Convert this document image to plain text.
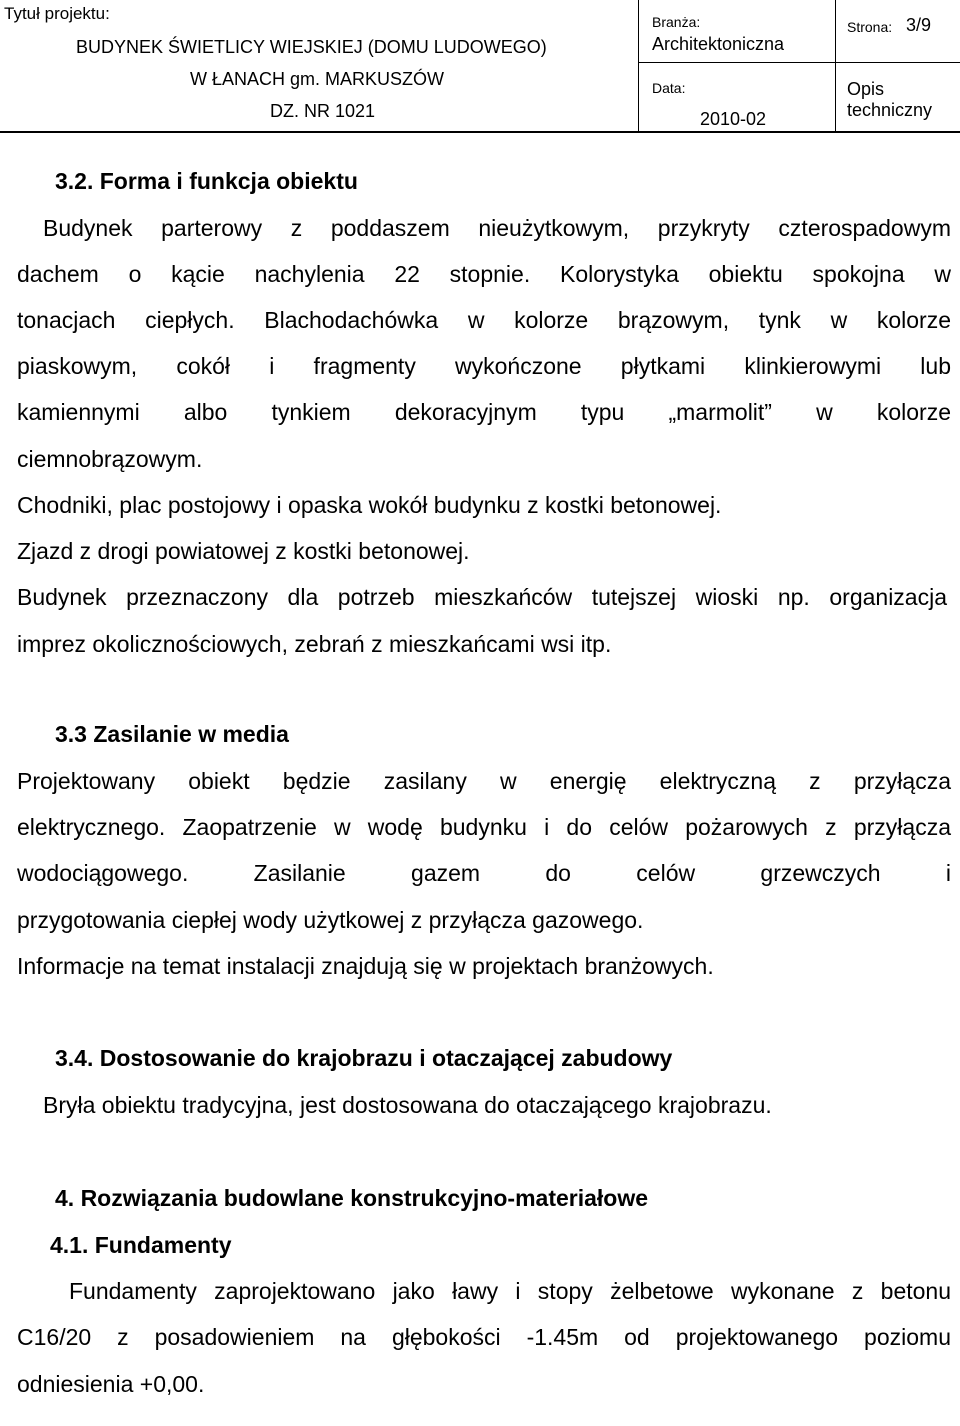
Tytuł projektu:
BUDYNEK ŚWIETLICY WIEJSKIEJ (DOMU LUDOWEGO)
W ŁANACH gm. MARKUSZÓW
DZ. NR 1021
Branża:
Architektoniczna
Data:
2010-02
Strona: 3/9
Opis
techniczny
3.2. Forma i funkcja obiektu
Budynek parterowy z poddaszem nieużytkowym, przykryty czterospadowym
dachem o kącie nachylenia 22 stopnie. Kolorystyka obiektu spokojna w
tonacjach ciepłych. Blachodachówka w kolorze brązowym, tynk w kolorze
piaskowym, cokół i fragmenty wykończone płytkami klinkierowymi lub
kamiennymi albo tynkiem dekoracyjnym typu „marmolit” w kolorze
ciemnobrązowym.
Chodniki, plac postojowy i opaska wokół budynku z kostki betonowej.
Zjazd z drogi powiatowej z kostki betonowej.
Budynek przeznaczony dla potrzeb mieszkańców tutejszej wioski np. organizacja
imprez okolicznościowych, zebrań z mieszkańcami wsi itp.
3.3 Zasilanie w media
Projektowany obiekt będzie zasilany w energię elektryczną z przyłącza
elektrycznego. Zaopatrzenie w wodę budynku i do celów pożarowych z przyłącza
wodociągowego. Zasilanie gazem do celów grzewczych i
przygotowania ciepłej wody użytkowej z przyłącza gazowego.
Informacje na temat instalacji znajdują się w projektach branżowych.
3.4. Dostosowanie do krajobrazu i otaczającej zabudowy
Bryła obiektu tradycyjna, jest dostosowana do otaczającego krajobrazu.
4. Rozwiązania budowlane konstrukcyjno-materiałowe
4.1. Fundamenty
Fundamenty zaprojektowano jako ławy i stopy żelbetowe wykonane z betonu
C16/20 z posadowieniem na głębokości -1.45m od projektowanego poziomu
odniesienia +0,00.
